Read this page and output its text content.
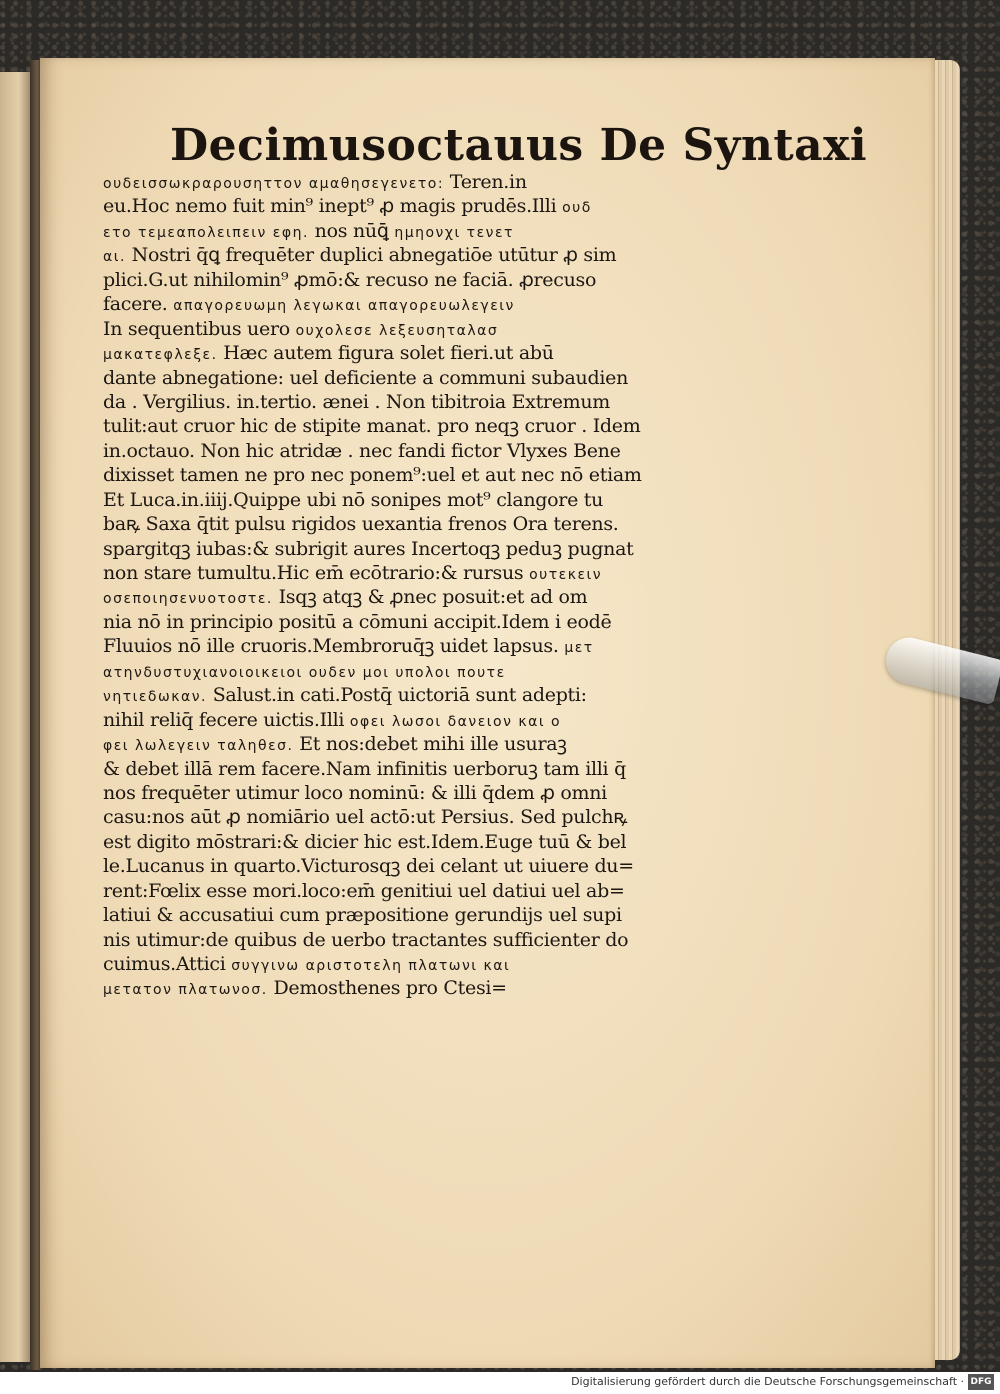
Decimusoctauus De Syntaxi
ουδεισσωκραρουσηττον αμαθησεγενετο: Teren.in
eu.Hoc nemo fuit min⁹ inept⁹ ꝓ magis prudēs.Illi ουδ
ετο τεμεαπολειπειν εφη. nos nūꝗ̄ ημηονχι τενετ
αι. Nostri q̄ꝗ frequēter duplici abnegatiōe utūtur ꝓ sim
plici.G.ut nihilomin⁹ ꝓmō:& recuso ne faciā. ꝓrecuso
facere. απαγορευωμη λεγωκαι απαγορευωλεγειν
In sequentibus uero ουχολεσε λεξευσηταλασ
μακατεφλεξε. Hæc autem figura solet fieri.ut abū
dante abnegatione: uel deficiente a communi subaudien
da . Vergilius. in.tertio. ænei . Non tibitroia Extremum
tulit:aut cruor hic de stipite manat. pro neqꝫ cruor . Idem
in.octauo. Non hic atridæ . nec fandi fictor Vlyxes Bene
dixisset tamen ne pro nec ponem⁹:uel et aut nec nō etiam
Et Luca.in.iiij.Quippe ubi nō sonipes mot⁹ clangore tu
baꝶ Saxa q̄tit pulsu rigidos uexantia frenos Ora terens.
spargitqꝫ iubas:& subrigit aures Incertoqꝫ peduꝫ pugnat
non stare tumultu.Hic em̄ ecōtrario:& rursus ουτεκειν
οσεποιησενυοτοστε. Isqꝫ atqꝫ & ꝓnec posuit:et ad om
nia nō in principio positū a cōmuni accipit.Idem i eodē
Fluuios nō ille cruoris.Membroruq̄ꝫ uidet lapsus. μετ
ατηνδυστυχιανοιοικειοι ουδεν μοι υπολοι πουτε
νητιεδωκαν. Salust.in cati.Postq̄ uictoriā sunt adepti:
nihil reliq̄ fecere uictis.Illi οφει λωσοι δανειον και ο
φει λωλεγειν ταληθεσ. Et nos:debet mihi ille usuraꝫ
& debet illā rem facere.Nam infinitis uerboruꝫ tam illi q̄
nos frequēter utimur loco nominū: & illi q̄dem ꝓ omni
casu:nos aūt ꝓ nomiārio uel actō:ut Persius. Sed pulchꝶ
est digito mōstrari:& dicier hic est.Idem.Euge tuū & bel
le.Lucanus in quarto.Victurosqꝫ dei celant ut uiuere du=
rent:Fœlix esse mori.loco:em̄ genitiui uel datiui uel ab=
latiui & accusatiui cum præpositione gerundijs uel supi
nis utimur:de quibus de uerbo tractantes sufficienter do
cuimus.Attici συγγινω αριστοτελη πλατωνι και
μετατον πλατωνοσ. Demosthenes pro Ctesi=
Digitalisierung gefördert durch die Deutsche Forschungsgemeinschaft · DFG
